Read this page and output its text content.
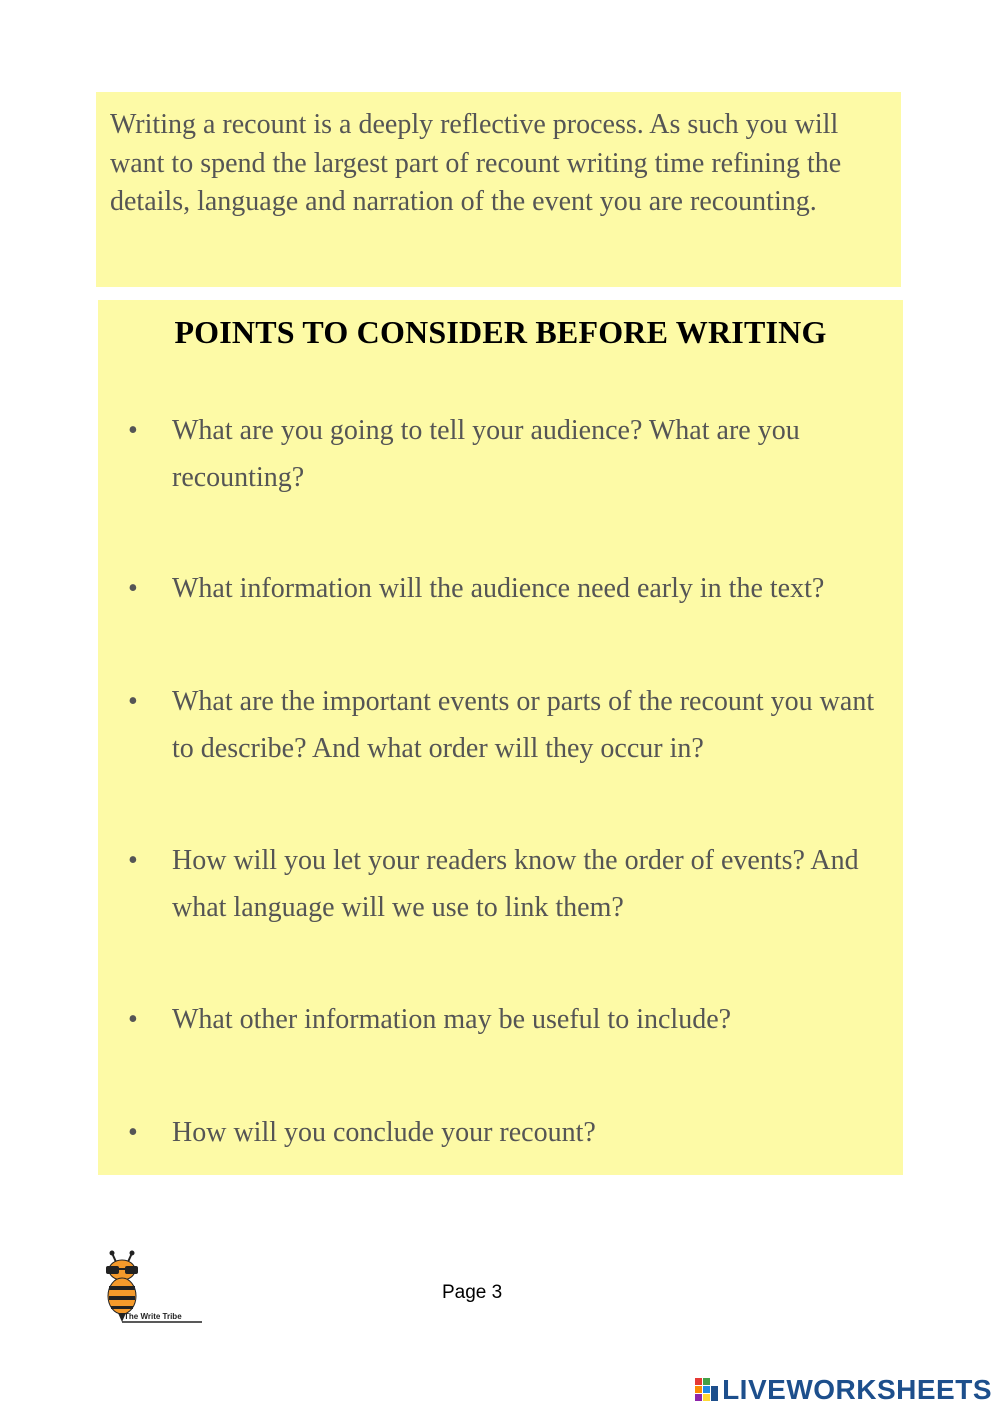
Writing a recount is a deeply reflective process. As such you will want to spend the largest part of recount writing time refining the details, language and narration of the event you are recounting.

POINTS TO CONSIDER BEFORE WRITING
• What are you going to tell your audience? What are you recounting?
• What information will the audience need early in the text?
• What are the important events or parts of the recount you want to describe? And what order will they occur in?
• How will you let your readers know the order of events? And what language will we use to link them?
• What other information may be useful to include?
• How will you conclude your recount?
The Write Tribe
Page 3
LIVEWORKSHEETS
